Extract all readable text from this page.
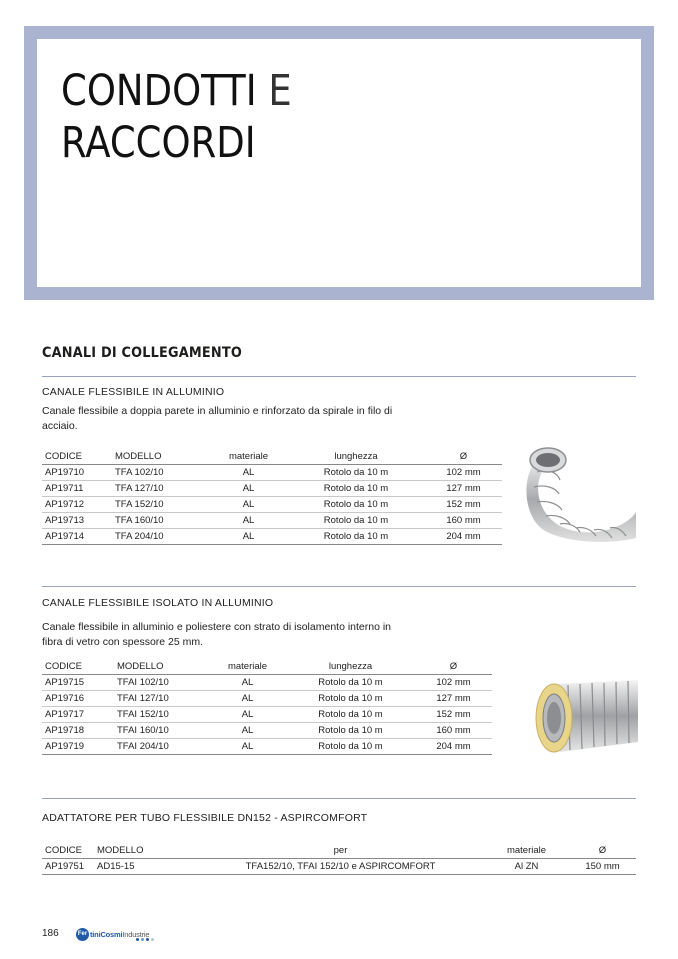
CONDOTTI E
RACCORDI
CANALI DI COLLEGAMENTO
CANALE FLESSIBILE IN ALLUMINIO

Canale flessibile a doppia parete in alluminio e rinforzato da spirale in filo di
acciaio.

CODICE	MODELLO	materiale	lunghezza	Ø
AP19710	TFA 102/10	AL	Rotolo da 10 m	102 mm
AP19711	TFA 127/10	AL	Rotolo da 10 m	127 mm
AP19712	TFA 152/10	AL	Rotolo da 10 m	152 mm
AP19713	TFA 160/10	AL	Rotolo da 10 m	160 mm
AP19714	TFA 204/10	AL	Rotolo da 10 m	204 mm
CANALE FLESSIBILE ISOLATO IN ALLUMINIO

Canale flessibile in alluminio e poliestere con strato di isolamento interno in
fibra di vetro con spessore 25 mm.

CODICE	MODELLO	materiale	lunghezza	Ø
AP19715	TFAI 102/10	AL	Rotolo da 10 m	102 mm
AP19716	TFAI 127/10	AL	Rotolo da 10 m	127 mm
AP19717	TFAI 152/10	AL	Rotolo da 10 m	152 mm
AP19718	TFAI 160/10	AL	Rotolo da 10 m	160 mm
AP19719	TFAI 204/10	AL	Rotolo da 10 m	204 mm
ADATTATORE PER TUBO FLESSIBILE DN152 - ASPIRCOMFORT
CODICE	MODELLO	per	materiale	Ø
AP19751	AD15-15	TFA152/10, TFAI 152/10 e ASPIRCOMFORT	Al ZN	150 mm

186	Fer tiniCosmiIndustrie
